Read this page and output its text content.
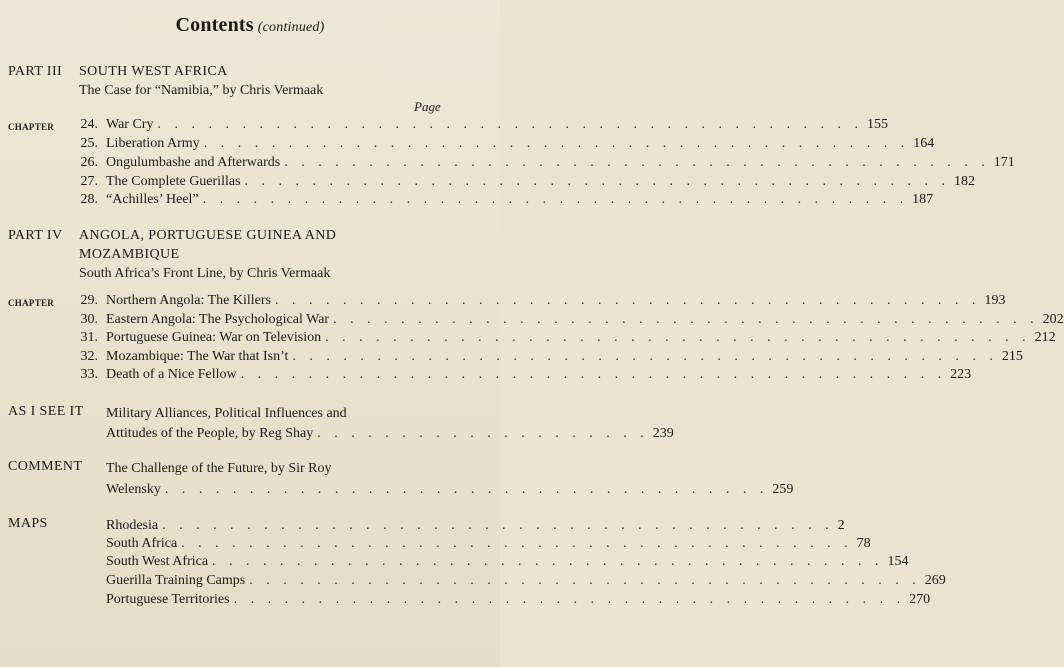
Contents (continued)
PART III SOUTH WEST AFRICA
The Case for “Namibia,” by Chris Vermaak
Page
CHAPTER	24. War Cry . . . . . . . . . . . . . . . . . . . . . . . . . . . . . . . . . . . . . . . . . . 155
25. Liberation Army . . . . . . . . . . . . . . . . . . . . . . . . . . . . . . . . . . . . . . . . . . 164
26. Ongulumbashe and Afterwards . . . . . . . . . . . . . . . . . . . . . . . . . . . . . . . . . . . . . . . . . . 171
27. The Complete Guerillas . . . . . . . . . . . . . . . . . . . . . . . . . . . . . . . . . . . . . . . . . . 182
28. “Achilles’ Heel” . . . . . . . . . . . . . . . . . . . . . . . . . . . . . . . . . . . . . . . . . . 187
PART IV ANGOLA, PORTUGUESE GUINEA AND
MOZAMBIQUE
South Africa’s Front Line, by Chris Vermaak
CHAPTER	29. Northern Angola: The Killers . . . . . . . . . . . . . . . . . . . . . . . . . . . . . . . . . . . . . . . . . . 193
30. Eastern Angola: The Psychological War . . . . . . . . . . . . . . . . . . . . . . . . . . . . . . . . . . . . . . . . . . 202
31. Portuguese Guinea: War on Television . . . . . . . . . . . . . . . . . . . . . . . . . . . . . . . . . . . . . . . . . . 212
32. Mozambique: The War that Isn’t . . . . . . . . . . . . . . . . . . . . . . . . . . . . . . . . . . . . . . . . . . 215
33. Death of a Nice Fellow . . . . . . . . . . . . . . . . . . . . . . . . . . . . . . . . . . . . . . . . . . 223
AS I SEE IT Military Alliances, Political Influences and
Attitudes of the People, by Reg Shay . . . . . . . . . . . . . . . . . . . . 239
COMMENT The Challenge of the Future, by Sir Roy
Welensky . . . . . . . . . . . . . . . . . . . . . . . . . . . . . . . . . . . . 259
MAPS	Rhodesia . . . . . . . . . . . . . . . . . . . . . . . . . . . . . . . . . . . . . . . . 2
South Africa . . . . . . . . . . . . . . . . . . . . . . . . . . . . . . . . . . . . . . . . 78
South West Africa . . . . . . . . . . . . . . . . . . . . . . . . . . . . . . . . . . . . . . . . 154
Guerilla Training Camps . . . . . . . . . . . . . . . . . . . . . . . . . . . . . . . . . . . . . . . . 269
Portuguese Territories . . . . . . . . . . . . . . . . . . . . . . . . . . . . . . . . . . . . . . . . 270
